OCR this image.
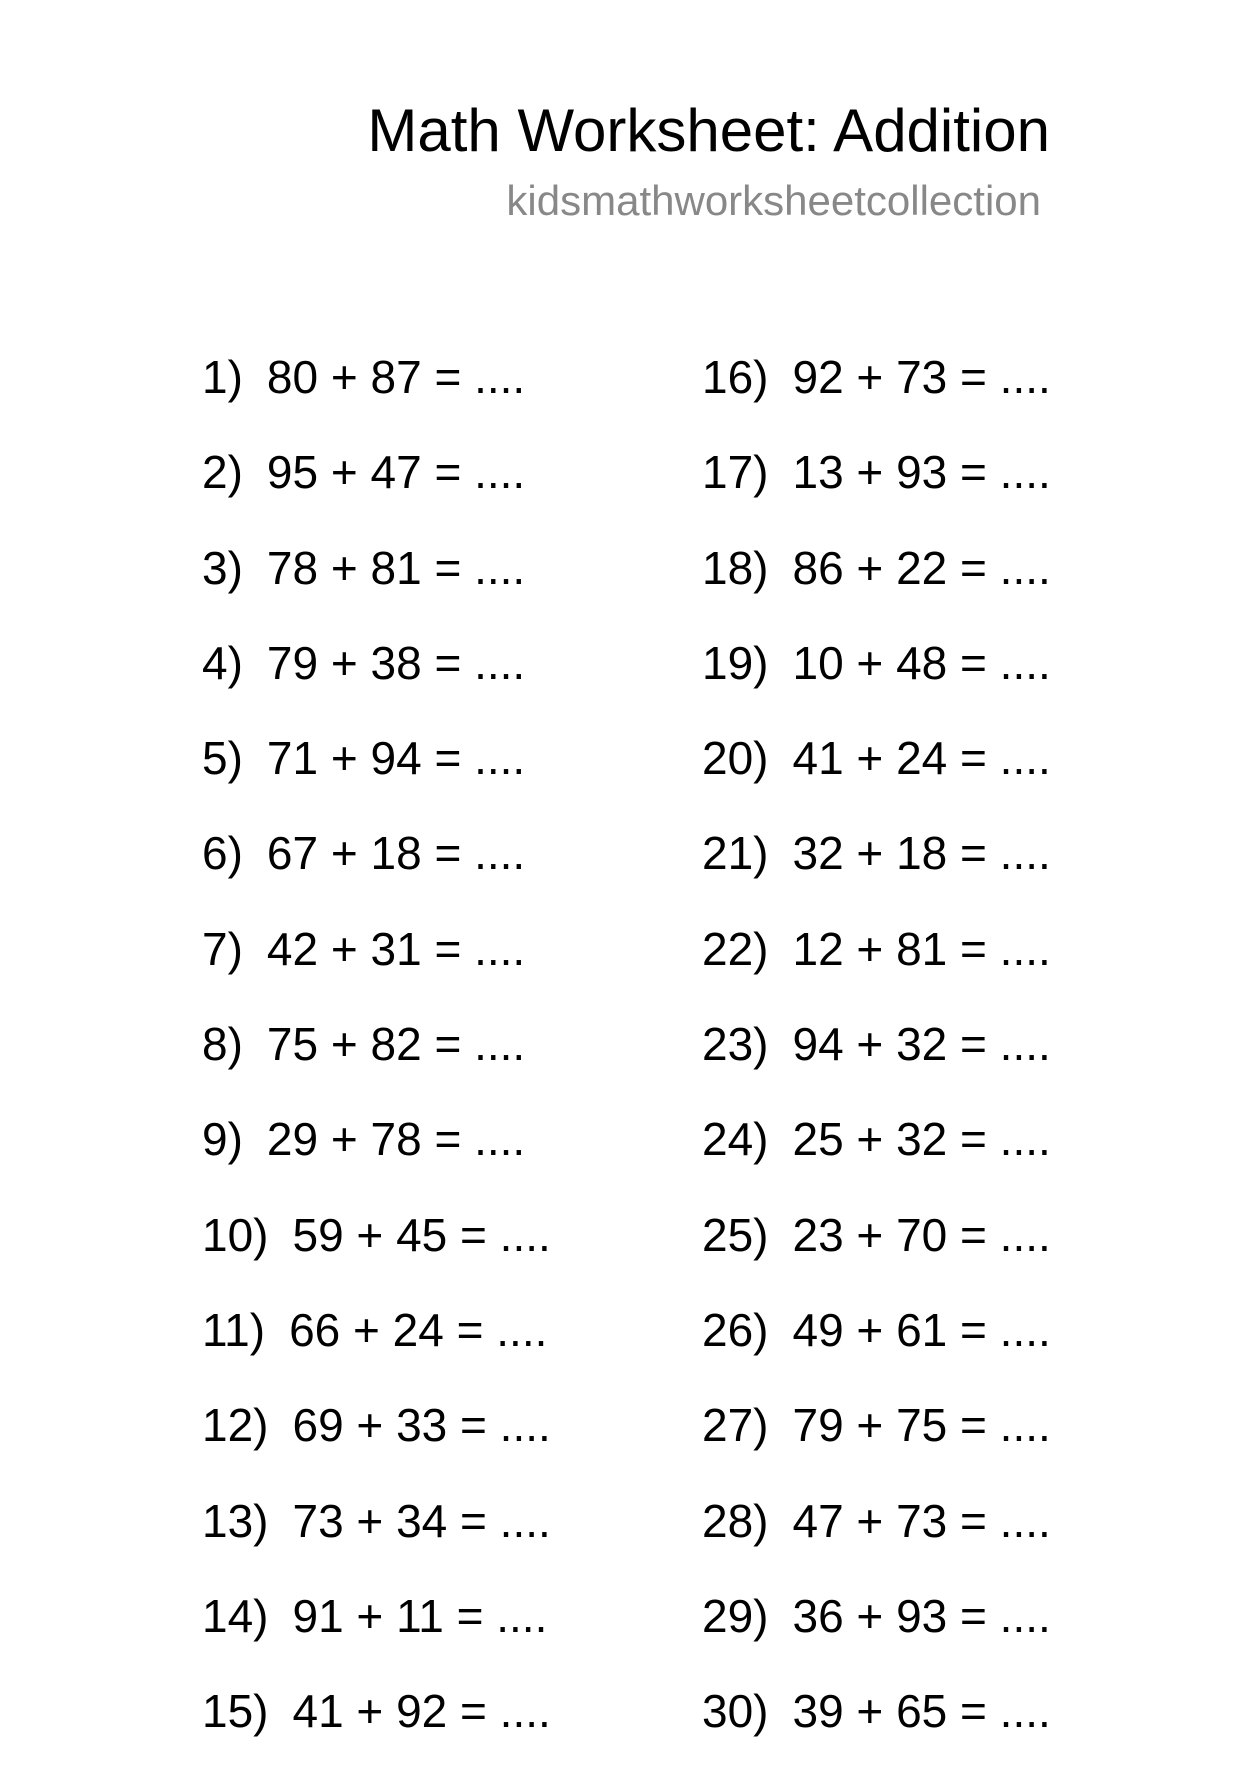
Math Worksheet: Addition
kidsmathworksheetcollection
1) 80 + 87 = ....
2) 95 + 47 = ....
3) 78 + 81 = ....
4) 79 + 38 = ....
5) 71 + 94 = ....
6) 67 + 18 = ....
7) 42 + 31 = ....
8) 75 + 82 = ....
9) 29 + 78 = ....
10) 59 + 45 = ....
11) 66 + 24 = ....
12) 69 + 33 = ....
13) 73 + 34 = ....
14) 91 + 11 = ....
15) 41 + 92 = ....
16) 92 + 73 = ....
17) 13 + 93 = ....
18) 86 + 22 = ....
19) 10 + 48 = ....
20) 41 + 24 = ....
21) 32 + 18 = ....
22) 12 + 81 = ....
23) 94 + 32 = ....
24) 25 + 32 = ....
25) 23 + 70 = ....
26) 49 + 61 = ....
27) 79 + 75 = ....
28) 47 + 73 = ....
29) 36 + 93 = ....
30) 39 + 65 = ....
